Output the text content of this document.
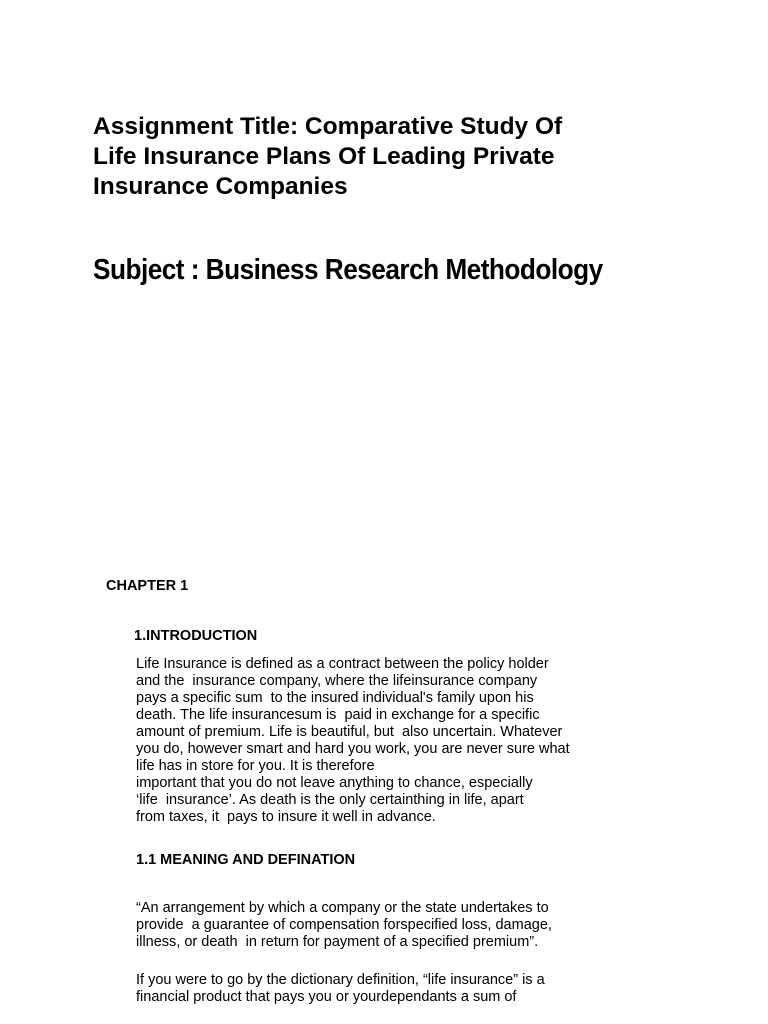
Assignment Title: Comparative Study Of
Life Insurance Plans Of Leading Private
Insurance Companies
Subject : Business Research Methodology
CHAPTER 1
1.INTRODUCTION

Life Insurance is defined as a contract between the policy holder
and the  insurance company, where the lifeinsurance company
pays a specific sum  to the insured individual's family upon his
death. The life insurancesum is  paid in exchange for a specific
amount of premium. Life is beautiful, but  also uncertain. Whatever
you do, however smart and hard you work, you are never sure what
life has in store for you. It is therefore

important that you do not leave anything to chance, especially
‘life  insurance’. As death is the only certainthing in life, apart
from taxes, it  pays to insure it well in advance.

1.1 MEANING AND DEFINATION

“An arrangement by which a company or the state undertakes to
provide  a guarantee of compensation forspecified loss, damage,
illness, or death  in return for payment of a specified premium”.

If you were to go by the dictionary definition, “life insurance” is a
financial product that pays you or yourdependants a sum of
